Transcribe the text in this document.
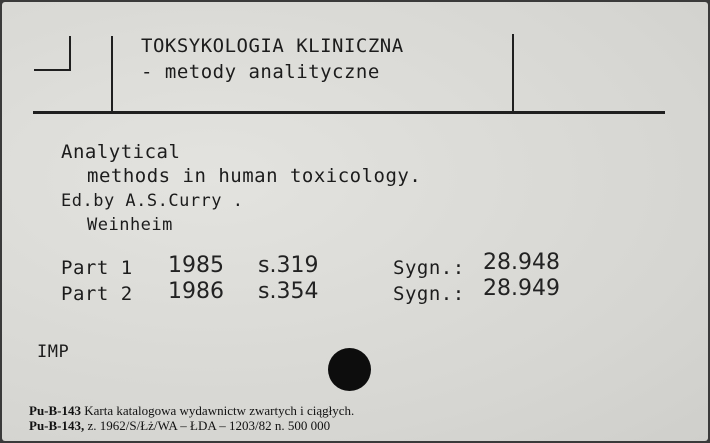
TOKSYKOLOGIA KLINICZNA
- metody analityczne
Analytical
methods in human toxicology.
Ed.by A.S.Curry .
Weinheim
Part 1 1985 s.319	Sygn.: 28.948
Part 2 1986 s.354	Sygn.: 28.949
IMP
Pu-B-143 Karta katalogowa wydawnictw zwartych i ciągłych.
Pu-B-143, z. 1962/S/Łż/WA – ŁDA – 1203/82 n. 500 000
